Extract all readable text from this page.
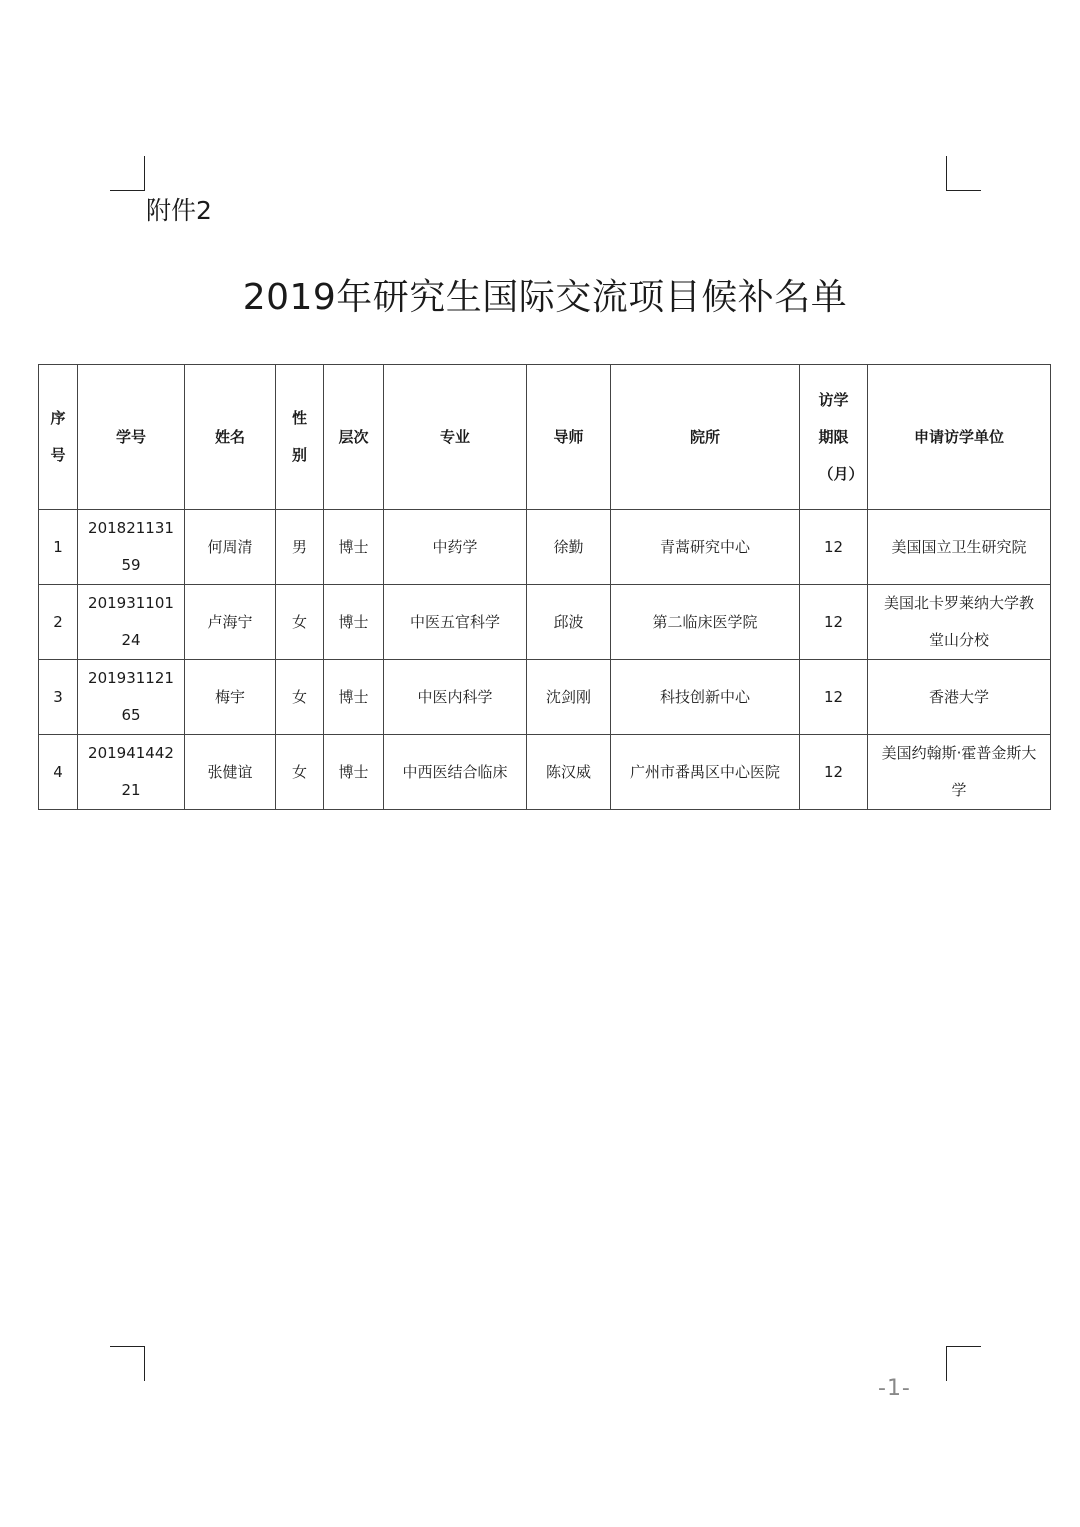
附件2
2019年研究生国际交流项目候补名单
序号	学号	姓名	性别	层次	专业	导师	院所	访学期限（月）	申请访学单位
1	20182113159	何周清	男	博士	中药学	徐勤	青蒿研究中心	12	美国国立卫生研究院
2	20193110124	卢海宁	女	博士	中医五官科学	邱波	第二临床医学院	12	美国北卡罗莱纳大学教堂山分校
3	20193112165	梅宇	女	博士	中医内科学	沈剑刚	科技创新中心	12	香港大学
4	20194144221	张健谊	女	博士	中西医结合临床	陈汉威	广州市番禺区中心医院	12	美国约翰斯·霍普金斯大学
-1-
